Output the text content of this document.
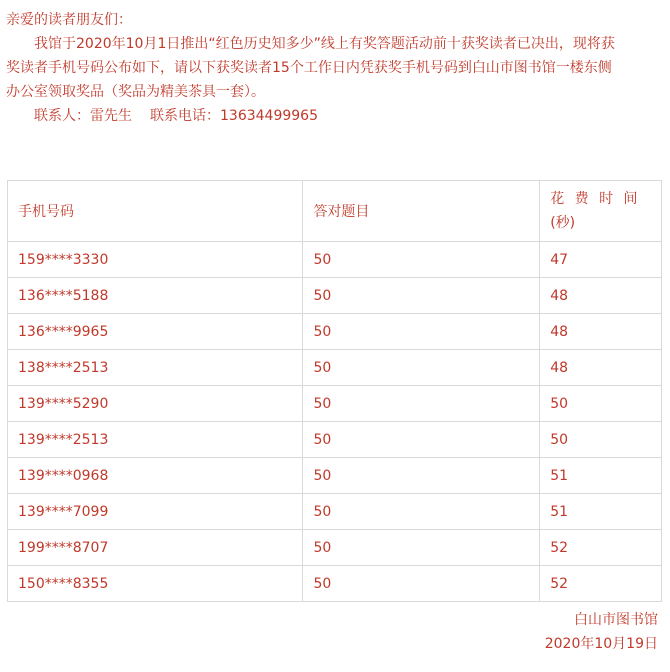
亲爱的读者朋友们：
我馆于2020年10月1日推出“红色历史知多少”线上有奖答题活动前十获奖读者已决出，现将获
奖读者手机号码公布如下，请以下获奖读者15个工作日内凭获奖手机号码到白山市图书馆一楼东侧
办公室领取奖品（奖品为精美茶具一套）。
联系人：雷先生 联系电话：13634499965
手机号码	答对题目	花 费 时 间
(秒)

159****3330	50	47
136****5188	50	48
136****9965	50	48
138****2513	50	48
139****5290	50	50
139****2513	50	50
139****0968	50	51
139****7099	50	51
199****8707	50	52
150****8355	50	52
白山市图书馆
2020年10月19日
